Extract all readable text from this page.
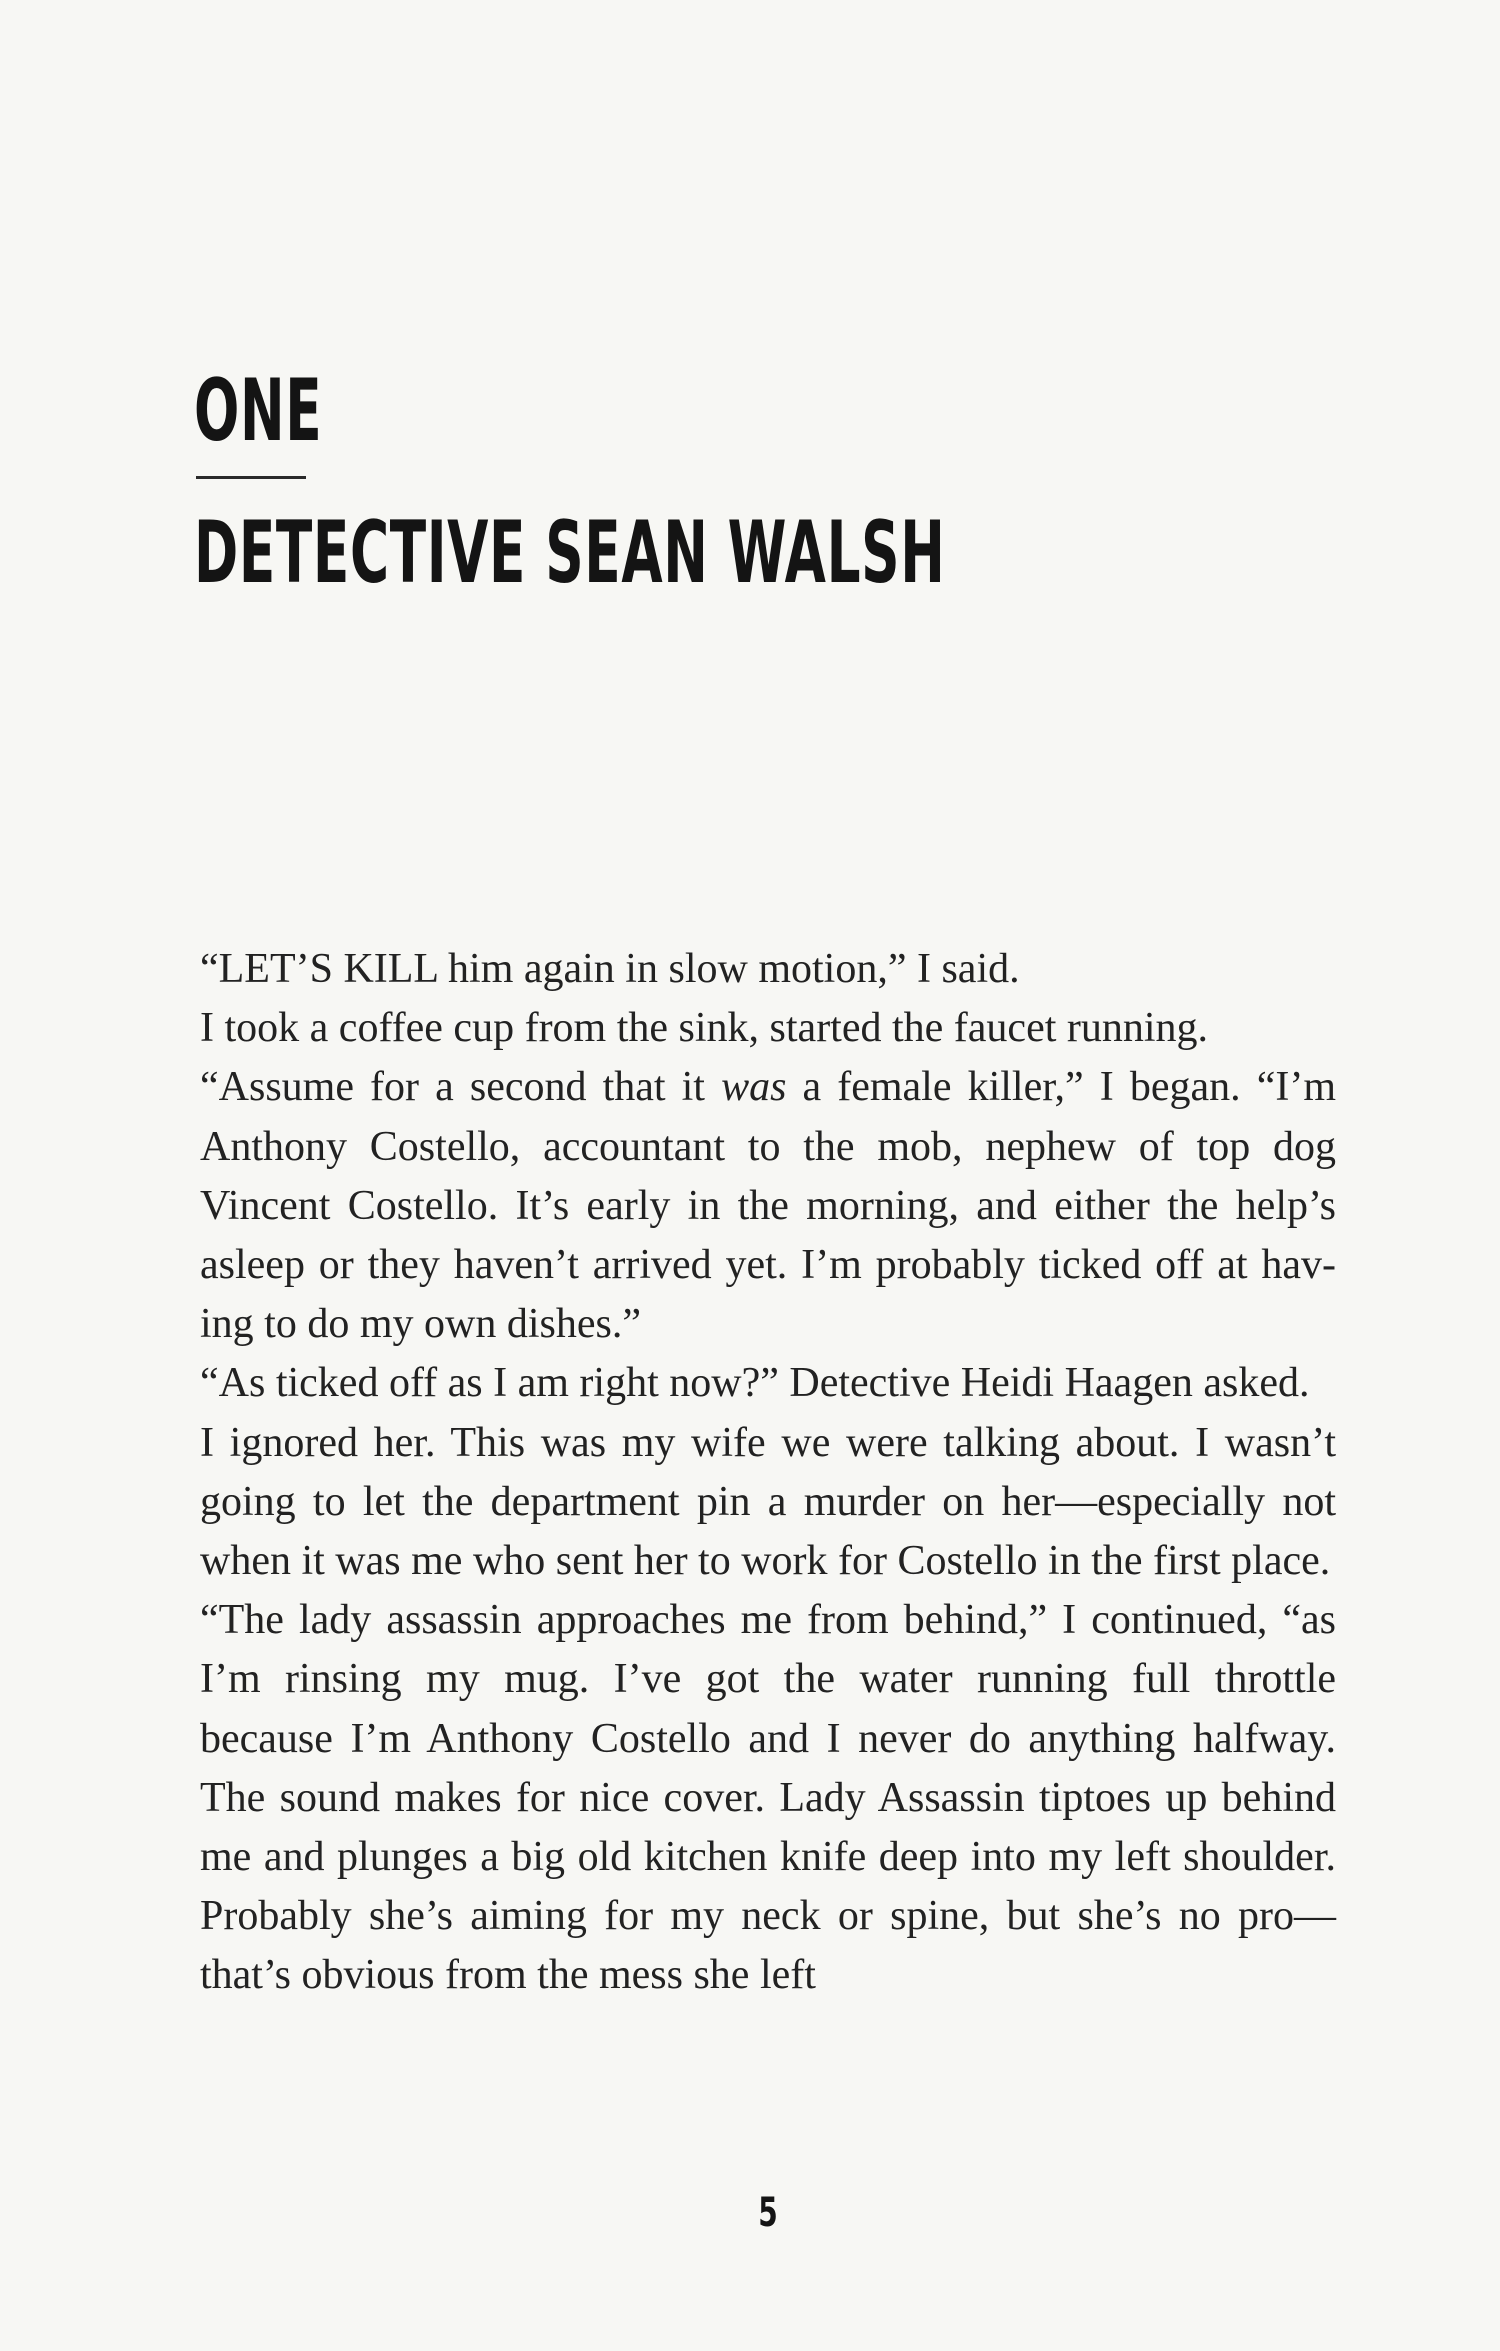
ONE
DETECTIVE SEAN WALSH

“LET’S KILL him again in slow motion,” I said.

I took a coffee cup from the sink, started the faucet running.

“Assume for a second that it was a female killer,” I began. “I’m Anthony Costello, accountant to the mob, nephew of top dog Vincent Costello. It’s early in the morning, and either the help’s asleep or they haven’t arrived yet. I’m probably ticked off at having to do my own dishes.”

“As ticked off as I am right now?” Detective Heidi Haagen asked.

I ignored her. This was my wife we were talking about. I wasn’t going to let the department pin a murder on her—especially not when it was me who sent her to work for Costello in the first place.

“The lady assassin approaches me from behind,” I continued, “as I’m rinsing my mug. I’ve got the water running full throttle because I’m Anthony Costello and I never do anything halfway. The sound makes for nice cover. Lady Assassin tiptoes up behind me and plunges a big old kitchen knife deep into my left shoulder. Probably she’s aiming for my neck or spine, but she’s no pro—that’s obvious from the mess she left

5
